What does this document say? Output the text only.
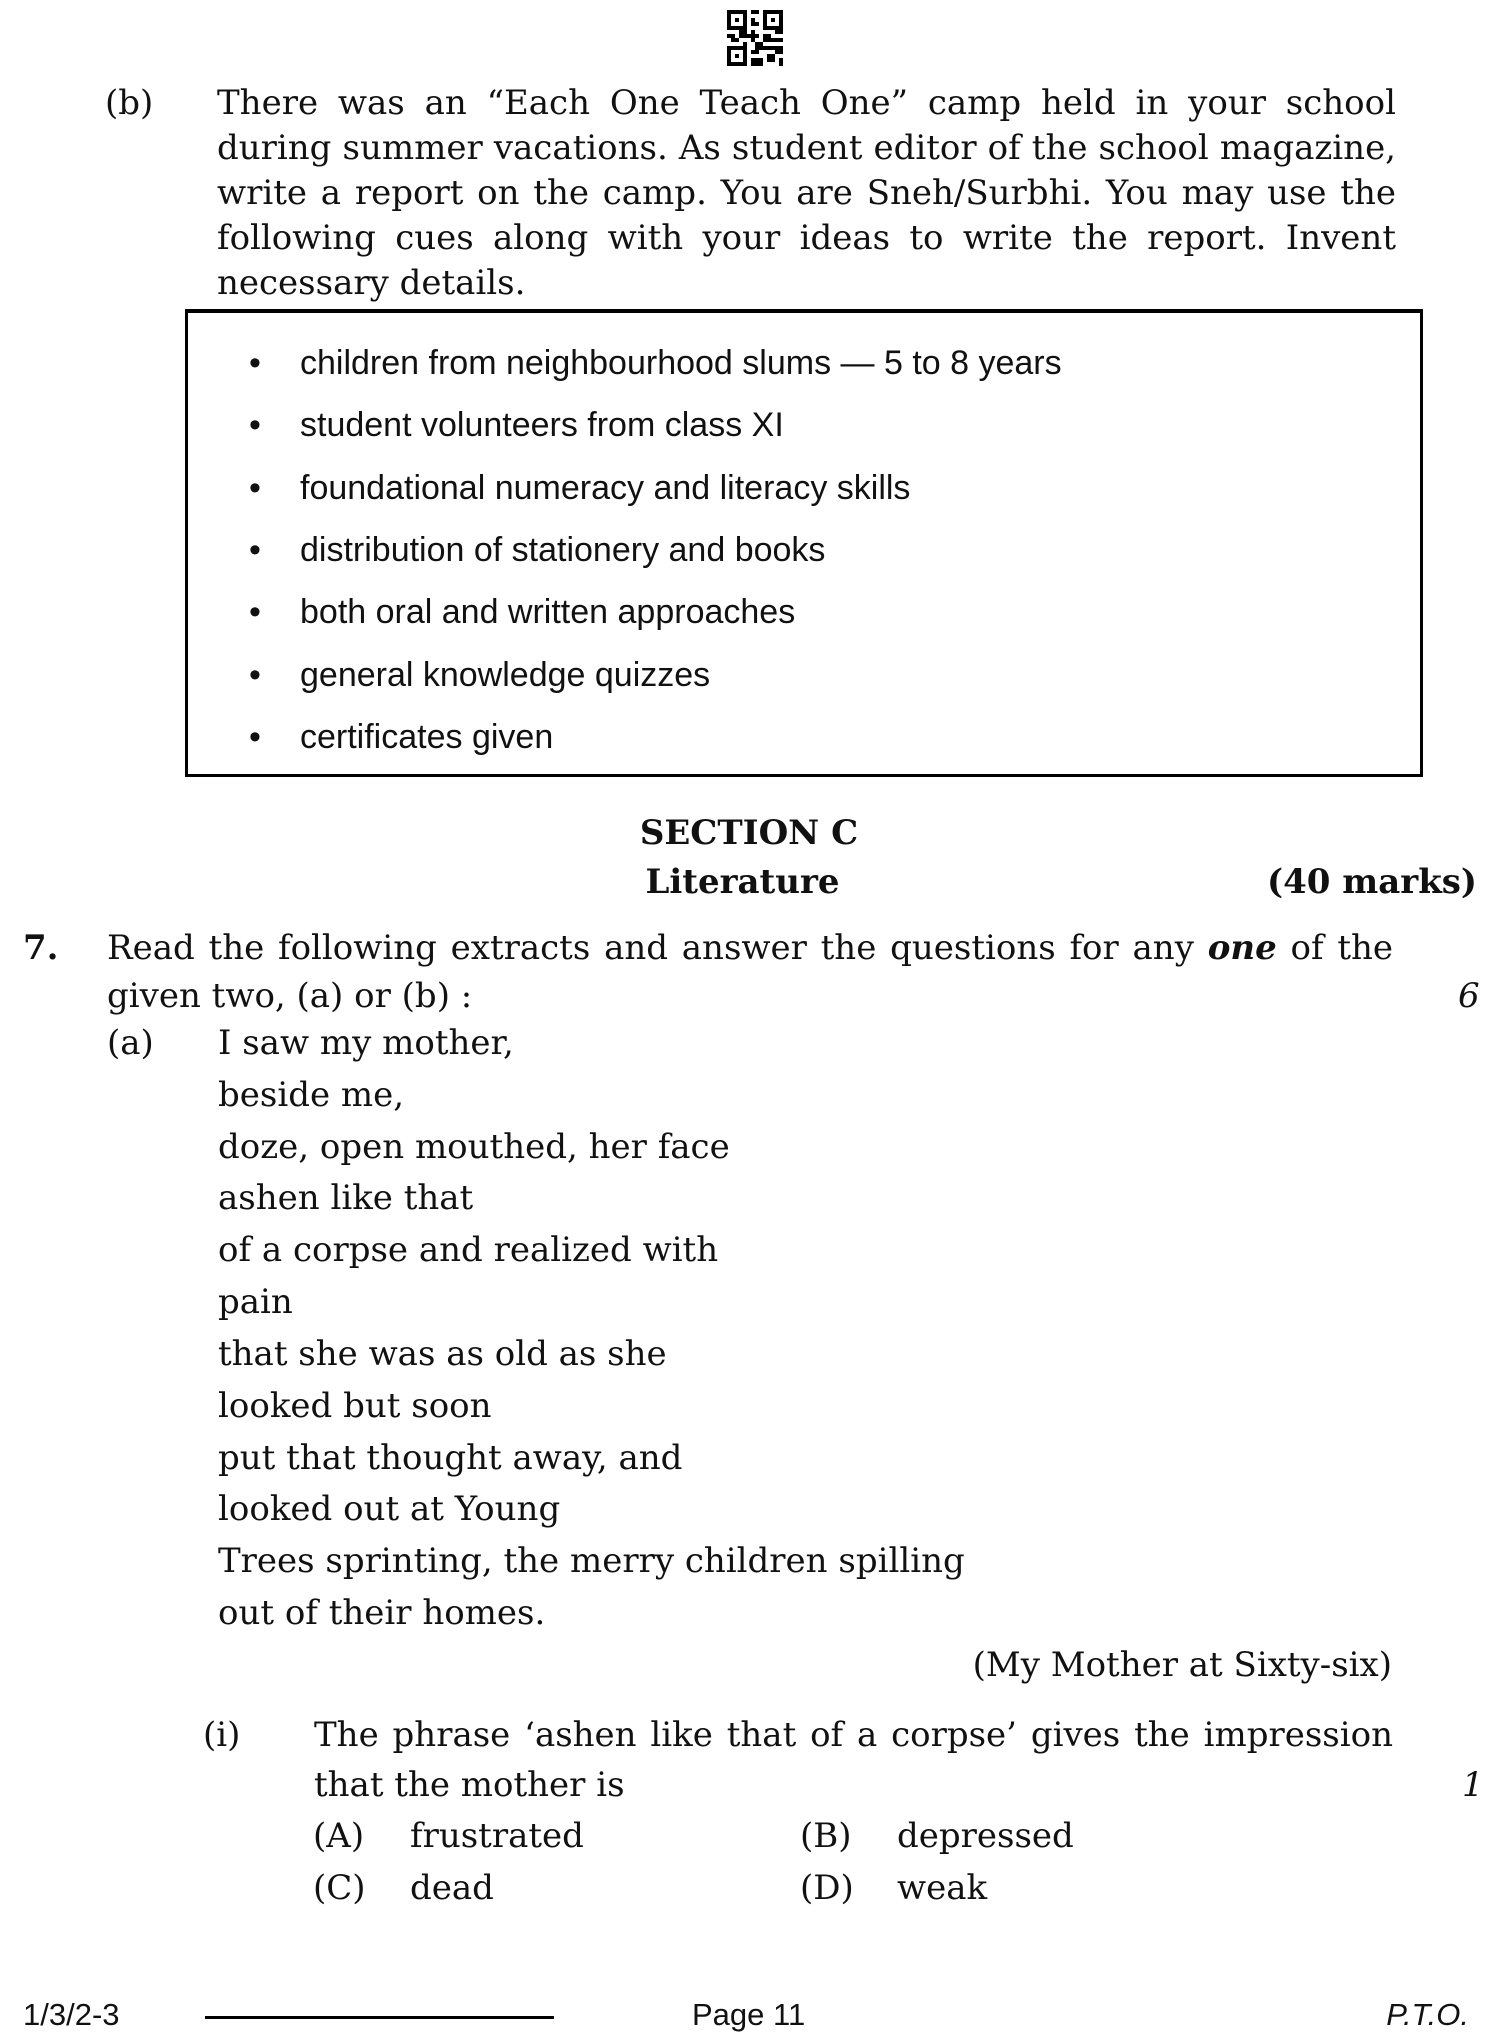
(b) There was an “Each One Teach One” camp held in your school
during summer vacations. As student editor of the school magazine,
write a report on the camp. You are Sneh/Surbhi. You may use the
following cues along with your ideas to write the report. Invent
necessary details.
• children from neighbourhood slums — 5 to 8 years
• student volunteers from class XI
• foundational numeracy and literacy skills
• distribution of stationery and books
• both oral and written approaches
• general knowledge quizzes
• certificates given
SECTION C
Literature	(40 marks)
7. Read the following extracts and answer the questions for any one of the
given two, (a) or (b) :	6
(a) I saw my mother,
beside me,
doze, open mouthed, her face
ashen like that
of a corpse and realized with
pain
that she was as old as she
looked but soon
put that thought away, and
looked out at Young
Trees sprinting, the merry children spilling
out of their homes.
(My Mother at Sixty-six)
(i) The phrase ‘ashen like that of a corpse’ gives the impression
that the mother is	1
(A) frustrated	(B) depressed
(C) dead	(D) weak
1/3/2-3	Page 11	P.T.O.
